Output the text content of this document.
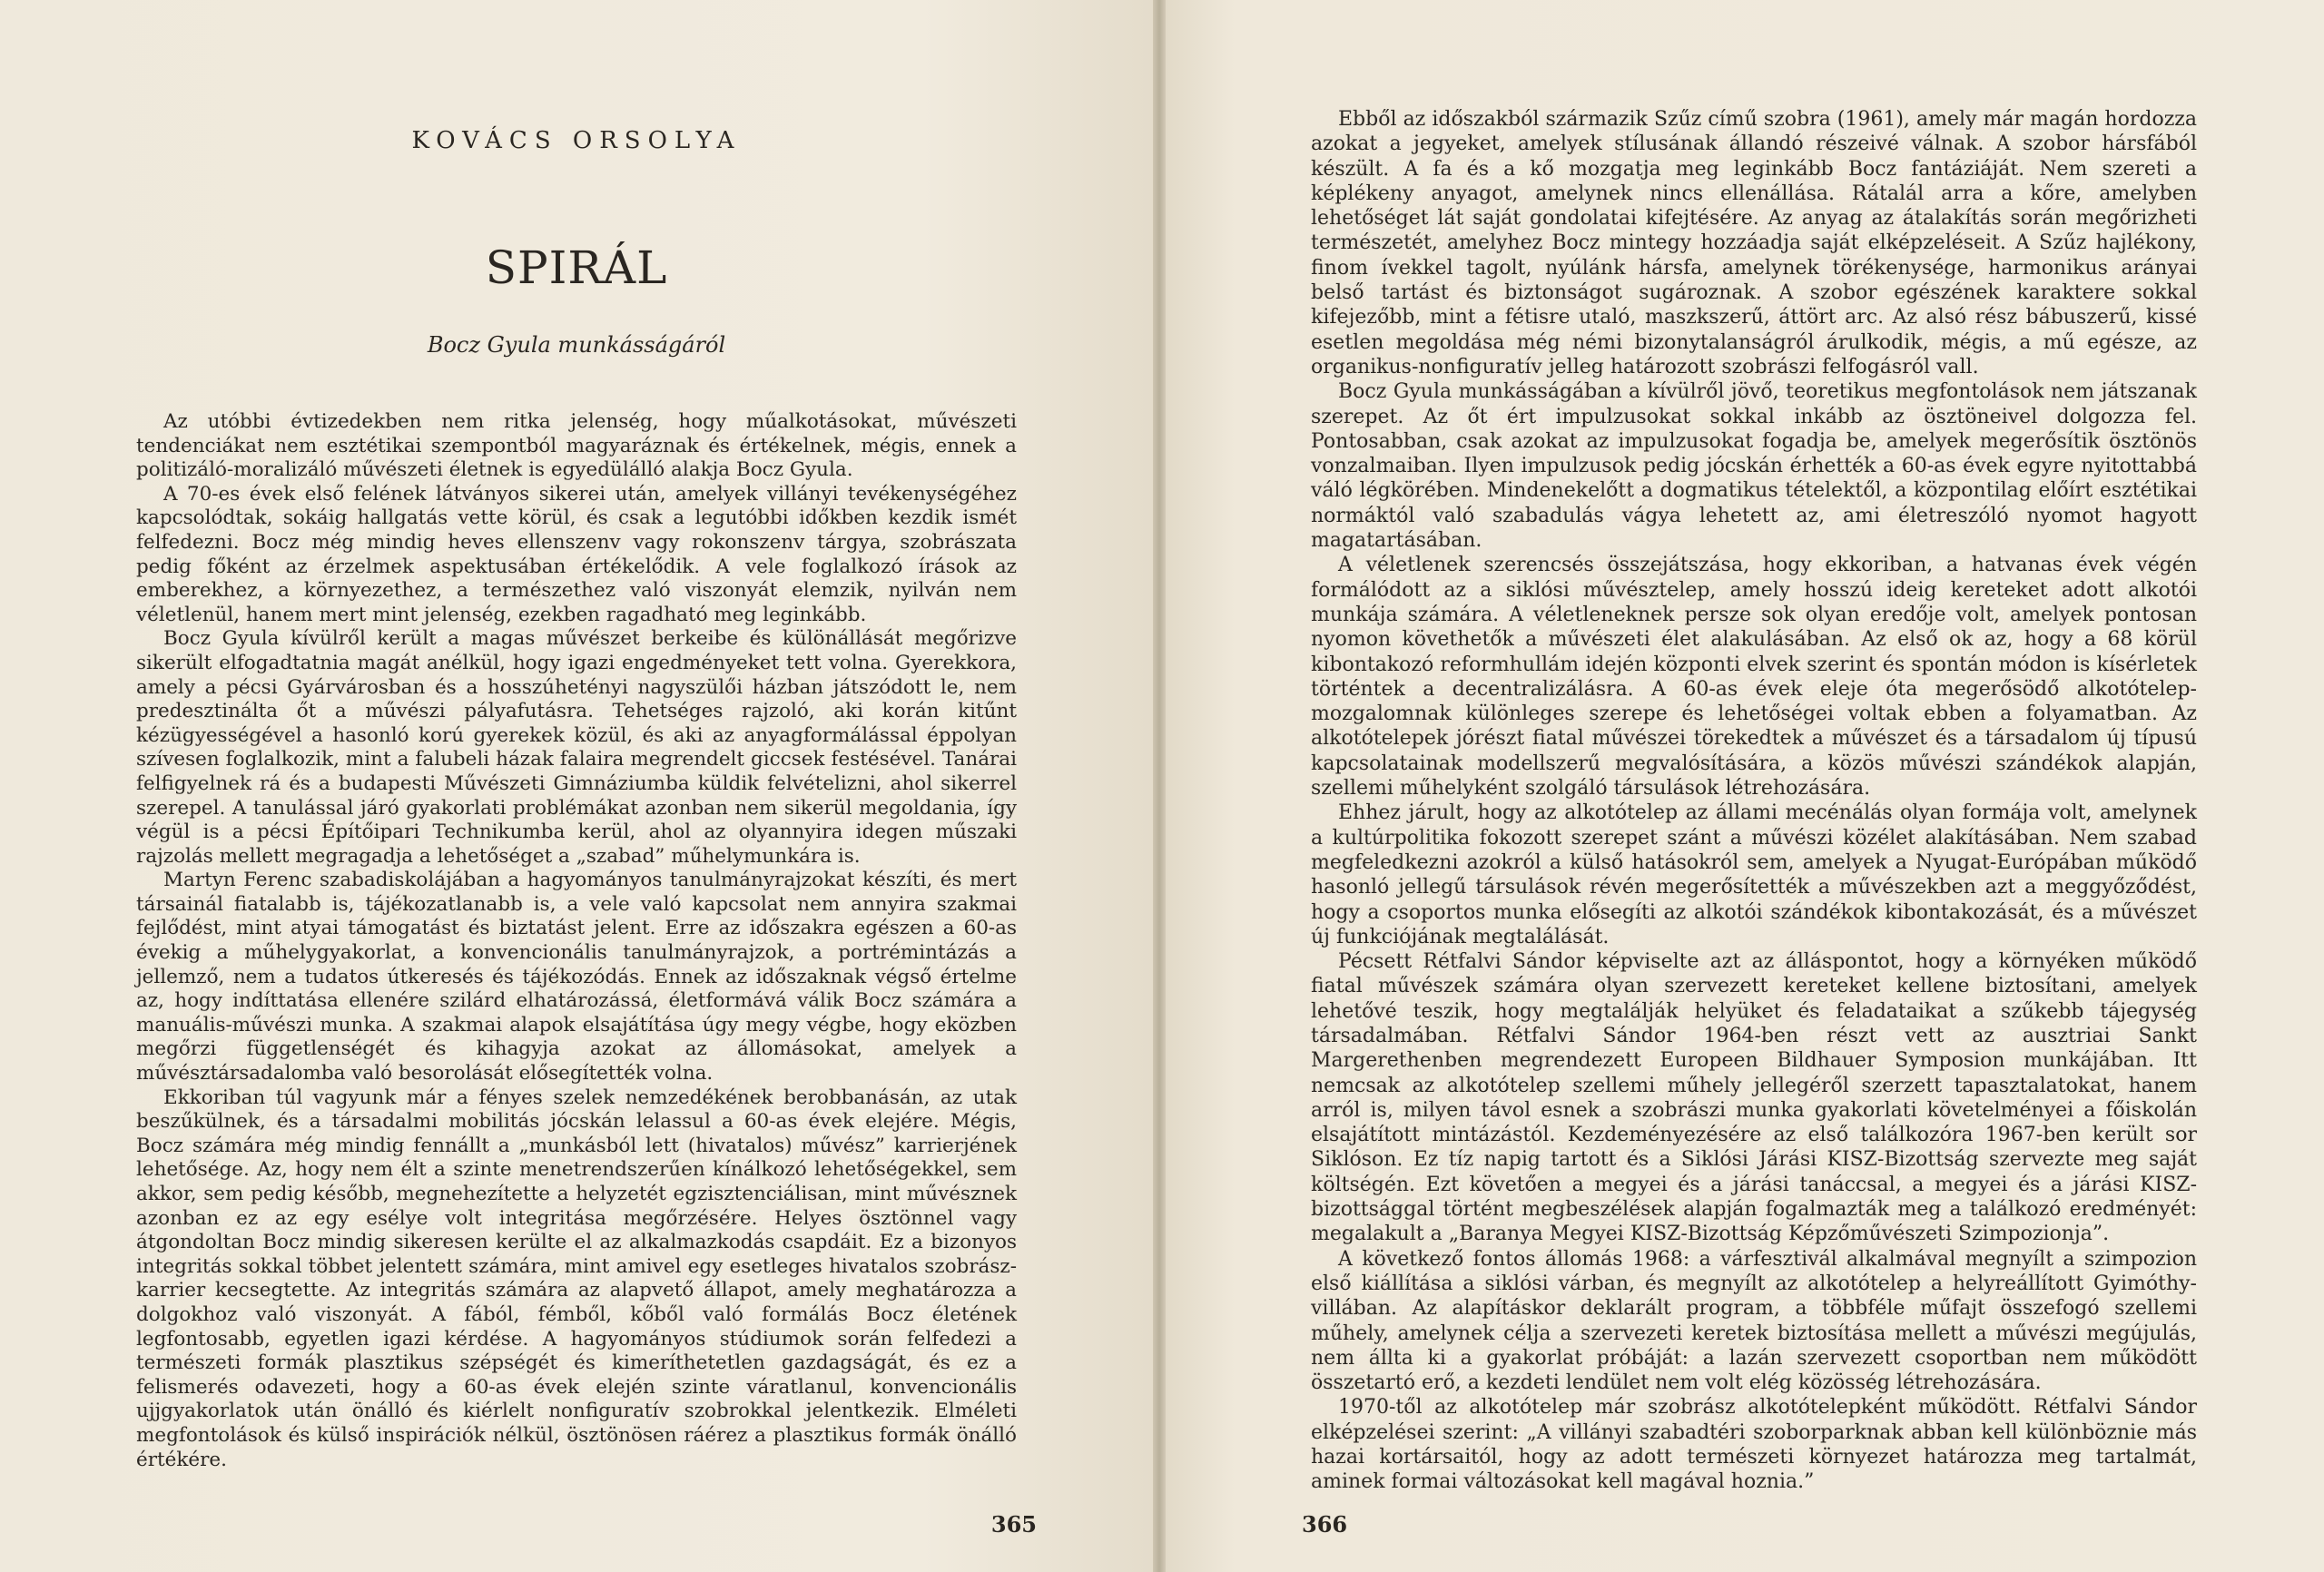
KOVÁCS ORSOLYA
SPIRÁL
Bocz Gyula munkásságáról

Az utóbbi évtizedekben nem ritka jelenség, hogy műalkotásokat, művészeti tendenciákat nem esztétikai szempontból magyaráznak és értékelnek, mégis, ennek a politizáló-moralizáló művészeti életnek is egyedülálló alakja Bocz Gyula.

A 70-es évek első felének látványos sikerei után, amelyek villányi tevékenységéhez kapcsolódtak, sokáig hallgatás vette körül, és csak a legutóbbi időkben kezdik ismét felfedezni. Bocz még mindig heves ellenszenv vagy rokonszenv tárgya, szobrászata pedig főként az érzelmek aspektusában értékelődik. A vele foglalkozó írások az emberekhez, a környezethez, a természethez való viszonyát elemzik, nyilván nem véletlenül, hanem mert mint jelenség, ezekben ragadható meg leginkább.

Bocz Gyula kívülről került a magas művészet berkeibe és különállását megőrizve sikerült elfogadtatnia magát anélkül, hogy igazi engedményeket tett volna. Gyerekkora, amely a pécsi Gyárvárosban és a hosszúhetényi nagyszülői házban játszódott le, nem predesztinálta őt a művészi pályafutásra. Tehetséges rajzoló, aki korán kitűnt kézügyességével a hasonló korú gyerekek közül, és aki az anyagformálással éppolyan szívesen foglalkozik, mint a falubeli házak falaira megrendelt giccsek festésével. Tanárai felfigyelnek rá és a budapesti Művészeti Gimnáziumba küldik felvételizni, ahol sikerrel szerepel. A tanulással járó gyakorlati problémákat azonban nem sikerül megoldania, így végül is a pécsi Építőipari Technikumba kerül, ahol az olyannyira idegen műszaki rajzolás mellett megragadja a lehetőséget a „szabad” műhelymunkára is.

Martyn Ferenc szabadiskolájában a hagyományos tanulmányrajzokat készíti, és mert társainál fiatalabb is, tájékozatlanabb is, a vele való kapcsolat nem annyira szakmai fejlődést, mint atyai támogatást és biztatást jelent. Erre az időszakra egészen a 60-as évekig a műhelygyakorlat, a konvencionális tanulmányrajzok, a portrémintázás a jellemző, nem a tudatos útkeresés és tájékozódás. Ennek az időszaknak végső értelme az, hogy indíttatása ellenére szilárd elhatározássá, életformává válik Bocz számára a manuális-művészi munka. A szakmai alapok elsajátítása úgy megy végbe, hogy eközben megőrzi függetlenségét és kihagyja azokat az állomásokat, amelyek a művésztársadalomba való besorolását elősegítették volna.

Ekkoriban túl vagyunk már a fényes szelek nemzedékének berobbanásán, az utak beszűkülnek, és a társadalmi mobilitás jócskán lelassul a 60-as évek elejére. Mégis, Bocz számára még mindig fennállt a „munkásból lett (hivatalos) művész” karrierjének lehetősége. Az, hogy nem élt a szinte menetrendszerűen kínálkozó lehetőségekkel, sem akkor, sem pedig később, megnehezítette a helyzetét egzisztenciálisan, mint művésznek azonban ez az egy esélye volt integritása megőrzésére. Helyes ösztönnel vagy átgondoltan Bocz mindig sikeresen kerülte el az alkalmazkodás csapdáit. Ez a bizonyos integritás sokkal többet jelentett számára, mint amivel egy esetleges hivatalos szobrász-karrier kecsegtette. Az integritás számára az alapvető állapot, amely meghatározza a dolgokhoz való viszonyát. A fából, fémből, kőből való formálás Bocz életének legfontosabb, egyetlen igazi kérdése. A hagyományos stúdiumok során felfedezi a természeti formák plasztikus szépségét és kimeríthetetlen gazdagságát, és ez a felismerés odavezeti, hogy a 60-as évek elején szinte váratlanul, konvencionális ujjgyakorlatok után önálló és kiérlelt nonfiguratív szobrokkal jelentkezik. Elméleti megfontolások és külső inspirációk nélkül, ösztönösen ráérez a plasztikus formák önálló értékére.

365

Ebből az időszakból származik Szűz című szobra (1961), amely már magán hordozza azokat a jegyeket, amelyek stílusának állandó részeivé válnak. A szobor hársfából készült. A fa és a kő mozgatja meg leginkább Bocz fantáziáját. Nem szereti a képlékeny anyagot, amelynek nincs ellenállása. Rátalál arra a kőre, amelyben lehetőséget lát saját gondolatai kifejtésére. Az anyag az átalakítás során megőrizheti természetét, amelyhez Bocz mintegy hozzáadja saját elképzeléseit. A Szűz hajlékony, finom ívekkel tagolt, nyúlánk hársfa, amelynek törékenysége, harmonikus arányai belső tartást és biztonságot sugároznak. A szobor egészének karaktere sokkal kifejezőbb, mint a fétisre utaló, maszkszerű, áttört arc. Az alsó rész bábuszerű, kissé esetlen megoldása még némi bizonytalanságról árulkodik, mégis, a mű egésze, az organikus-nonfiguratív jelleg határozott szobrászi felfogásról vall.

Bocz Gyula munkásságában a kívülről jövő, teoretikus megfontolások nem játszanak szerepet. Az őt ért impulzusokat sokkal inkább az ösztöneivel dolgozza fel. Pontosabban, csak azokat az impulzusokat fogadja be, amelyek megerősítik ösztönös vonzalmaiban. Ilyen impulzusok pedig jócskán érhették a 60-as évek egyre nyitottabbá váló légkörében. Mindenekelőtt a dogmatikus tételektől, a központilag előírt esztétikai normáktól való szabadulás vágya lehetett az, ami életreszóló nyomot hagyott magatartásában.

A véletlenek szerencsés összejátszása, hogy ekkoriban, a hatvanas évek végén formálódott az a siklósi művésztelep, amely hosszú ideig kereteket adott alkotói munkája számára. A véletleneknek persze sok olyan eredője volt, amelyek pontosan nyomon követhetők a művészeti élet alakulásában. Az első ok az, hogy a 68 körül kibontakozó reformhullám idején központi elvek szerint és spontán módon is kísérletek történtek a decentralizálásra. A 60-as évek eleje óta megerősödő alkotótelep-mozgalomnak különleges szerepe és lehetőségei voltak ebben a folyamatban. Az alkotótelepek jórészt fiatal művészei törekedtek a művészet és a társadalom új típusú kapcsolatainak modellszerű megvalósítására, a közös művészi szándékok alapján, szellemi műhelyként szolgáló társulások létrehozására.

Ehhez járult, hogy az alkotótelep az állami mecénálás olyan formája volt, amelynek a kultúrpolitika fokozott szerepet szánt a művészi közélet alakításában. Nem szabad megfeledkezni azokról a külső hatásokról sem, amelyek a Nyugat-Európában működő hasonló jellegű társulások révén megerősítették a művészekben azt a meggyőződést, hogy a csoportos munka elősegíti az alkotói szándékok kibontakozását, és a művészet új funkciójának megtalálását.

Pécsett Rétfalvi Sándor képviselte azt az álláspontot, hogy a környéken működő fiatal művészek számára olyan szervezett kereteket kellene biztosítani, amelyek lehetővé teszik, hogy megtalálják helyüket és feladataikat a szűkebb tájegység társadalmában. Rétfalvi Sándor 1964-ben részt vett az ausztriai Sankt Margerethenben megrendezett Europeen Bildhauer Symposion munkájában. Itt nemcsak az alkotótelep szellemi műhely jellegéről szerzett tapasztalatokat, hanem arról is, milyen távol esnek a szobrászi munka gyakorlati követelményei a főiskolán elsajátított mintázástól. Kezdeményezésére az első találkozóra 1967-ben került sor Siklóson. Ez tíz napig tartott és a Siklósi Járási KISZ-Bizottság szervezte meg saját költségén. Ezt követően a megyei és a járási tanáccsal, a megyei és a járási KISZ-bizottsággal történt megbeszélések alapján fogalmazták meg a találkozó eredményét: megalakult a „Baranya Megyei KISZ-Bizottság Képzőművészeti Szimpozionja”.

A következő fontos állomás 1968: a várfesztivál alkalmával megnyílt a szimpozion első kiállítása a siklósi várban, és megnyílt az alkotótelep a helyreállított Gyimóthy-villában. Az alapításkor deklarált program, a többféle műfajt összefogó szellemi műhely, amelynek célja a szervezeti keretek biztosítása mellett a művészi megújulás, nem állta ki a gyakorlat próbáját: a lazán szervezett csoportban nem működött összetartó erő, a kezdeti lendület nem volt elég közösség létrehozására.

1970-től az alkotótelep már szobrász alkotótelepként működött. Rétfalvi Sándor elképzelései szerint: „A villányi szabadtéri szoborparknak abban kell különböznie más hazai kortársaitól, hogy az adott természeti környezet határozza meg tartalmát, aminek formai változásokat kell magával hoznia.”

366
